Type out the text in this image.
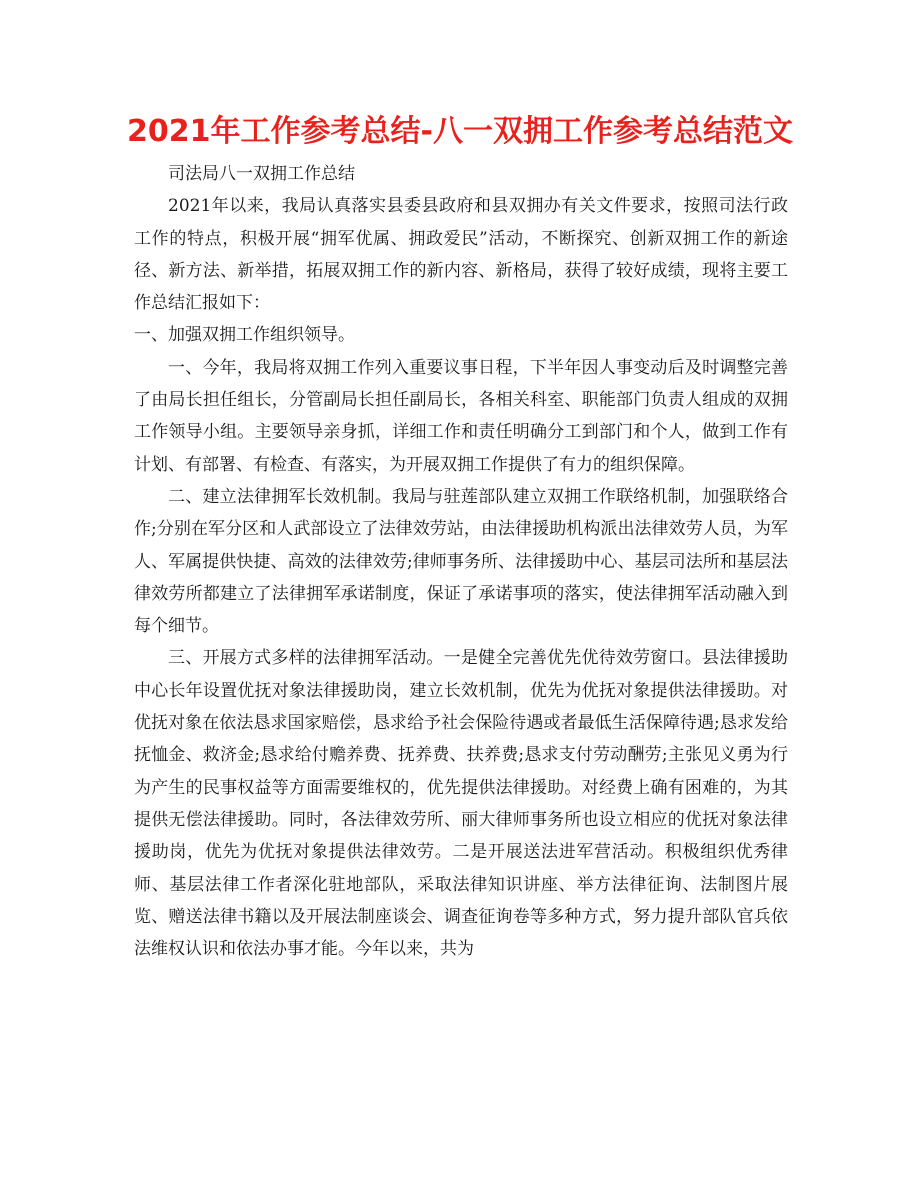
2021年工作参考总结-八一双拥工作参考总结范文

司法局八一双拥工作总结

2021年以来，我局认真落实县委县政府和县双拥办有关文件要求，按照司法行政工作的特点，积极开展“拥军优属、拥政爱民”活动，不断探究、创新双拥工作的新途径、新方法、新举措，拓展双拥工作的新内容、新格局，获得了较好成绩，现将主要工作总结汇报如下：

一、加强双拥工作组织领导。

一、今年，我局将双拥工作列入重要议事日程，下半年因人事变动后及时调整完善了由局长担任组长，分管副局长担任副局长，各相关科室、职能部门负责人组成的双拥工作领导小组。主要领导亲身抓，详细工作和责任明确分工到部门和个人，做到工作有计划、有部署、有检查、有落实，为开展双拥工作提供了有力的组织保障。

二、建立法律拥军长效机制。我局与驻莲部队建立双拥工作联络机制，加强联络合作;分别在军分区和人武部设立了法律效劳站，由法律援助机构派出法律效劳人员，为军人、军属提供快捷、高效的法律效劳;律师事务所、法律援助中心、基层司法所和基层法律效劳所都建立了法律拥军承诺制度，保证了承诺事项的落实，使法律拥军活动融入到每个细节。

三、开展方式多样的法律拥军活动。一是健全完善优先优待效劳窗口。县法律援助中心长年设置优抚对象法律援助岗，建立长效机制，优先为优抚对象提供法律援助。对优抚对象在依法恳求国家赔偿，恳求给予社会保险待遇或者最低生活保障待遇;恳求发给抚恤金、救济金;恳求给付赡养费、抚养费、扶养费;恳求支付劳动酬劳;主张见义勇为行为产生的民事权益等方面需要维权的，优先提供法律援助。对经费上确有困难的，为其提供无偿法律援助。同时，各法律效劳所、丽大律师事务所也设立相应的优抚对象法律援助岗，优先为优抚对象提供法律效劳。二是开展送法进军营活动。积极组织优秀律师、基层法律工作者深化驻地部队，采取法律知识讲座、举方法律征询、法制图片展览、赠送法律书籍以及开展法制座谈会、调查征询卷等多种方式，努力提升部队官兵依法维权认识和依法办事才能。今年以来，共为
